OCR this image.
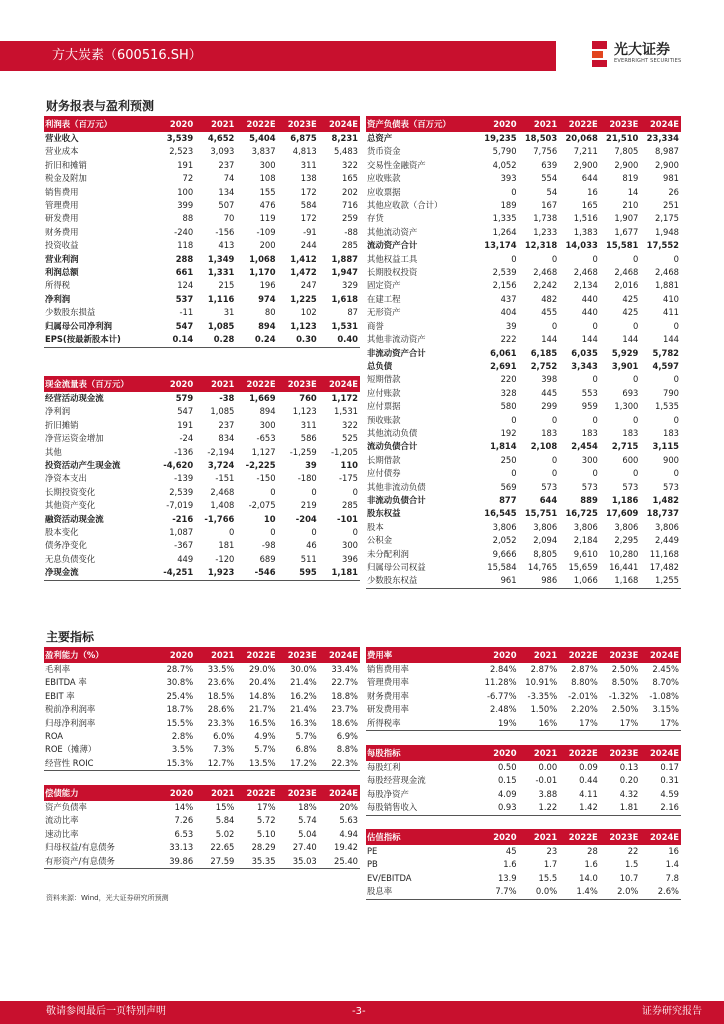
方大炭素（600516.SH）	光大证券
EVERBRIGHT SECURITIES
财务报表与盈利预测
主要指标
利润表（百万元）	2020	2021	2022E	2023E	2024E
营业收入	3,539	4,652	5,404	6,875	8,231
营业成本	2,523	3,093	3,837	4,813	5,483
折旧和摊销	191	237	300	311	322
税金及附加	72	74	108	138	165
销售费用	100	134	155	172	202
管理费用	399	507	476	584	716
研发费用	88	70	119	172	259
财务费用	-240	-156	-109	-91	-88
投资收益	118	413	200	244	285
营业利润	288	1,349	1,068	1,412	1,887
利润总额	661	1,331	1,170	1,472	1,947
所得税	124	215	196	247	329
净利润	537	1,116	974	1,225	1,618
少数股东损益	-11	31	80	102	87
归属母公司净利润	547	1,085	894	1,123	1,531
EPS(按最新股本计)	0.14	0.28	0.24	0.30	0.40
现金流量表（百万元）	2020	2021	2022E	2023E	2024E
经营活动现金流	579	-38	1,669	760	1,172
净利润	547	1,085	894	1,123	1,531
折旧摊销	191	237	300	311	322
净营运资金增加	-24	834	-653	586	525
其他	-136	-2,194	1,127	-1,259	-1,205
投资活动产生现金流	-4,620	3,724	-2,225	39	110
净资本支出	-139	-151	-150	-180	-175
长期投资变化	2,539	2,468	0	0	0
其他资产变化	-7,019	1,408	-2,075	219	285
融资活动现金流	-216	-1,766	10	-204	-101
股本变化	1,087	0	0	0	0
债务净变化	-367	181	-98	46	300
无息负债变化	449	-120	689	511	396
净现金流	-4,251	1,923	-546	595	1,181
资产负债表（百万元）	2020	2021	2022E	2023E	2024E
总资产	19,235	18,503	20,068	21,510	23,334
货币资金	5,790	7,756	7,211	7,805	8,987
交易性金融资产	4,052	639	2,900	2,900	2,900
应收账款	393	554	644	819	981
应收票据	0	54	16	14	26
其他应收款（合计）	189	167	165	210	251
存货	1,335	1,738	1,516	1,907	2,175
其他流动资产	1,264	1,233	1,383	1,677	1,948
流动资产合计	13,174	12,318	14,033	15,581	17,552
其他权益工具	0	0	0	0	0
长期股权投资	2,539	2,468	2,468	2,468	2,468
固定资产	2,156	2,242	2,134	2,016	1,881
在建工程	437	482	440	425	410
无形资产	404	455	440	425	411
商誉	39	0	0	0	0
其他非流动资产	222	144	144	144	144
非流动资产合计	6,061	6,185	6,035	5,929	5,782
总负债	2,691	2,752	3,343	3,901	4,597
短期借款	220	398	0	0	0
应付账款	328	445	553	693	790
应付票据	580	299	959	1,300	1,535
预收账款	0	0	0	0	0
其他流动负债	192	183	183	183	183
流动负债合计	1,814	2,108	2,454	2,715	3,115
长期借款	250	0	300	600	900
应付债券	0	0	0	0	0
其他非流动负债	569	573	573	573	573
非流动负债合计	877	644	889	1,186	1,482
股东权益	16,545	15,751	16,725	17,609	18,737
股本	3,806	3,806	3,806	3,806	3,806
公积金	2,052	2,094	2,184	2,295	2,449
未分配利润	9,666	8,805	9,610	10,280	11,168
归属母公司权益	15,584	14,765	15,659	16,441	17,482
少数股东权益	961	986	1,066	1,168	1,255
盈利能力（%）	2020	2021	2022E	2023E	2024E
毛利率	28.7%	33.5%	29.0%	30.0%	33.4%
EBITDA 率	30.8%	23.6%	20.4%	21.4%	22.7%
EBIT 率	25.4%	18.5%	14.8%	16.2%	18.8%
税前净利润率	18.7%	28.6%	21.7%	21.4%	23.7%
归母净利润率	15.5%	23.3%	16.5%	16.3%	18.6%
ROA	2.8%	6.0%	4.9%	5.7%	6.9%
ROE（摊薄）	3.5%	7.3%	5.7%	6.8%	8.8%
经营性 ROIC	15.3%	12.7%	13.5%	17.2%	22.3%
偿债能力	2020	2021	2022E	2023E	2024E
资产负债率	14%	15%	17%	18%	20%
流动比率	7.26	5.84	5.72	5.74	5.63
速动比率	6.53	5.02	5.10	5.04	4.94
归母权益/有息债务	33.13	22.65	28.29	27.40	19.42
有形资产/有息债务	39.86	27.59	35.35	35.03	25.40
费用率	2020	2021	2022E	2023E	2024E
销售费用率	2.84%	2.87%	2.87%	2.50%	2.45%
管理费用率	11.28%	10.91%	8.80%	8.50%	8.70%
财务费用率	-6.77%	-3.35%	-2.01%	-1.32%	-1.08%
研发费用率	2.48%	1.50%	2.20%	2.50%	3.15%
所得税率	19%	16%	17%	17%	17%
每股指标	2020	2021	2022E	2023E	2024E
每股红利	0.50	0.00	0.09	0.13	0.17
每股经营现金流	0.15	-0.01	0.44	0.20	0.31
每股净资产	4.09	3.88	4.11	4.32	4.59
每股销售收入	0.93	1.22	1.42	1.81	2.16
估值指标	2020	2021	2022E	2023E	2024E
PE	45	23	28	22	16
PB	1.6	1.7	1.6	1.5	1.4
EV/EBITDA	13.9	15.5	14.0	10.7	7.8
股息率	7.7%	0.0%	1.4%	2.0%	2.6%
资料来源：Wind，光大证券研究所预测
敬请参阅最后一页特别声明	-3-	证券研究报告
